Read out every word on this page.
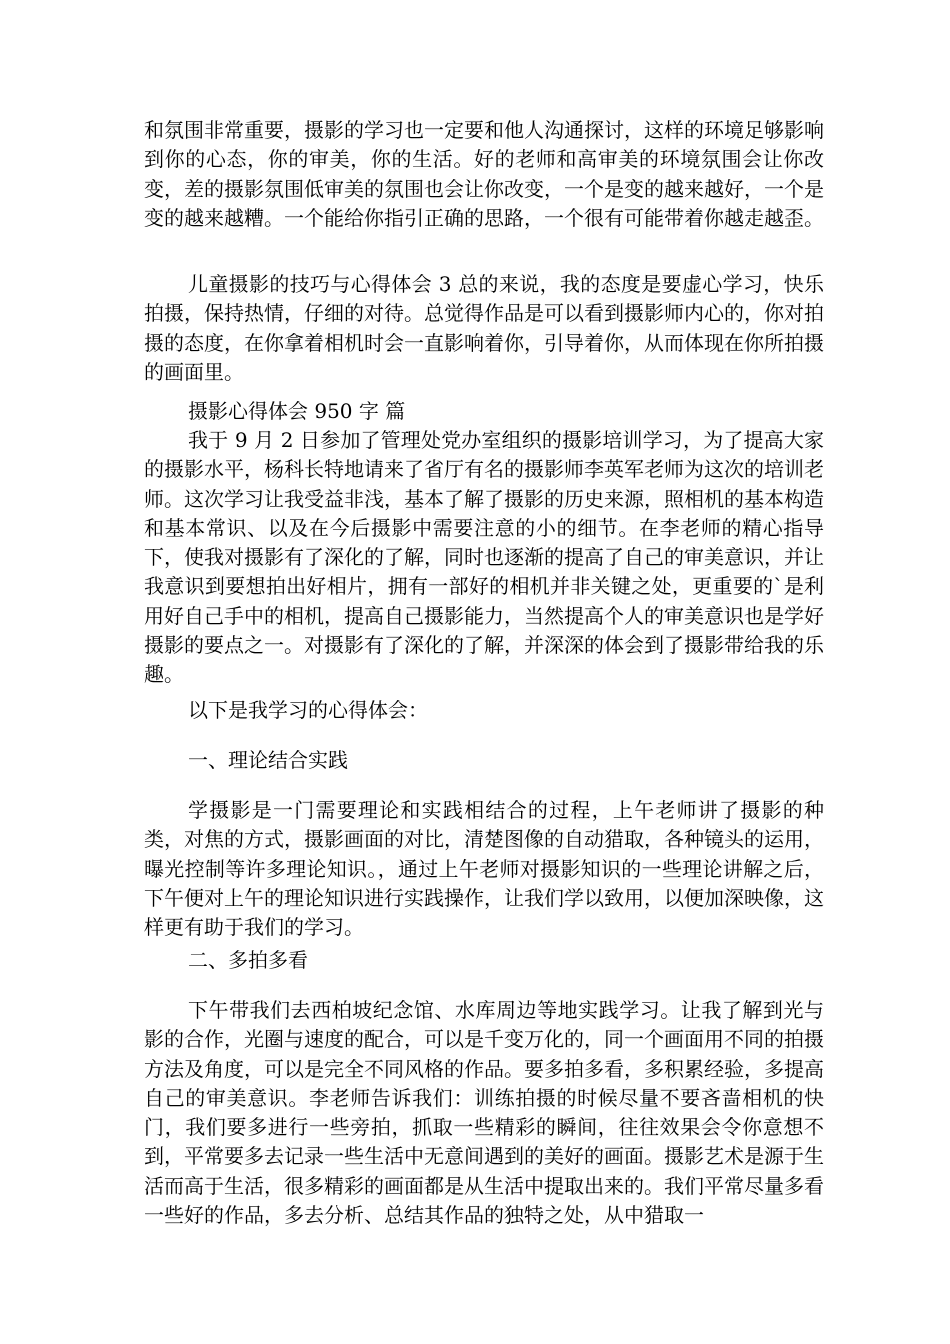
和氛围非常重要，摄影的学习也一定要和他人沟通探讨，这样的环境足够影响到你的心态，你的审美，你的生活。好的老师和高审美的环境氛围会让你改变，差的摄影氛围低审美的氛围也会让你改变，一个是变的越来越好，一个是变的越来越糟。一个能给你指引正确的思路，一个很有可能带着你越走越歪。

儿童摄影的技巧与心得体会 3 总的来说，我的态度是要虚心学习，快乐拍摄，保持热情，仔细的对待。总觉得作品是可以看到摄影师内心的，你对拍摄的态度，在你拿着相机时会一直影响着你，引导着你，从而体现在你所拍摄的画面里。

摄影心得体会 950 字 篇

我于 9 月 2 日参加了管理处党办室组织的摄影培训学习，为了提高大家的摄影水平，杨科长特地请来了省厅有名的摄影师李英军老师为这次的培训老师。这次学习让我受益非浅，基本了解了摄影的历史来源，照相机的基本构造和基本常识、以及在今后摄影中需要注意的小的细节。在李老师的精心指导下，使我对摄影有了深化的了解，同时也逐渐的提高了自己的审美意识，并让我意识到要想拍出好相片，拥有一部好的相机并非关键之处，更重要的`是利用好自己手中的相机，提高自己摄影能力，当然提高个人的审美意识也是学好摄影的要点之一。对摄影有了深化的了解，并深深的体会到了摄影带给我的乐趣。

以下是我学习的心得体会：

一、理论结合实践

学摄影是一门需要理论和实践相结合的过程，上午老师讲了摄影的种类，对焦的方式，摄影画面的对比，清楚图像的自动猎取，各种镜头的运用，曝光控制等许多理论知识。，通过上午老师对摄影知识的一些理论讲解之后，下午便对上午的理论知识进行实践操作，让我们学以致用，以便加深映像，这样更有助于我们的学习。

二、多拍多看

下午带我们去西柏坡纪念馆、水库周边等地实践学习。让我了解到光与影的合作，光圈与速度的配合，可以是千变万化的，同一个画面用不同的拍摄方法及角度，可以是完全不同风格的作品。要多拍多看，多积累经验，多提高自己的审美意识。李老师告诉我们：训练拍摄的时候尽量不要吝啬相机的快门，我们要多进行一些旁拍，抓取一些精彩的瞬间，往往效果会令你意想不到，平常要多去记录一些生活中无意间遇到的美好的画面。摄影艺术是源于生活而高于生活，很多精彩的画面都是从生活中提取出来的。我们平常尽量多看一些好的作品，多去分析、总结其作品的独特之处，从中猎取一
